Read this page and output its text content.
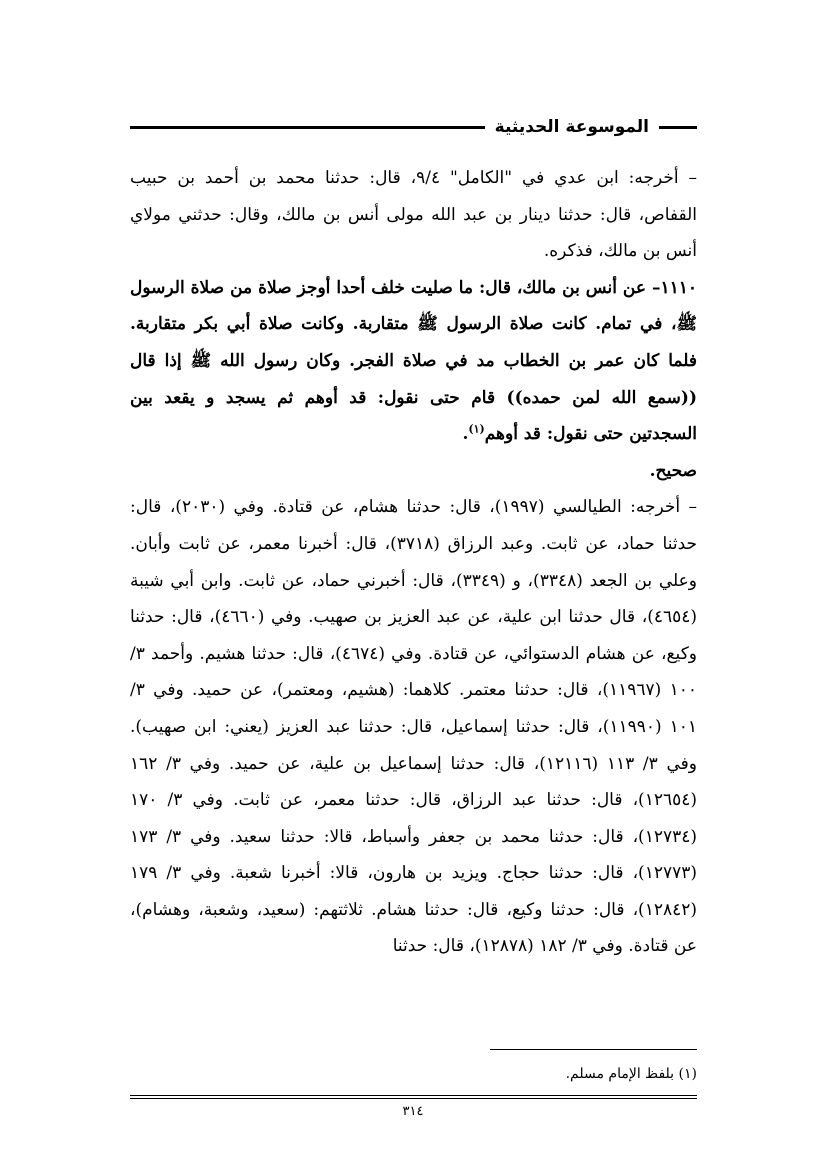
الموسوعة الحديثية

– أخرجه: ابن عدي في "الكامل" ٩/٤، قال: حدثنا محمد بن أحمد بن حبيب القفاص، قال: حدثنا دينار بن عبد الله مولى أنس بن مالك، وقال: حدثني مولاي أنس بن مالك، فذكره.

١١١٠– عن أنس بن مالك، قال: ما صليت خلف أحدا أوجز صلاة من صلاة الرسول ﷺ، في تمام. كانت صلاة الرسول ﷺ متقاربة. وكانت صلاة أبي بكر متقاربة. فلما كان عمر بن الخطاب مد في صلاة الفجر. وكان رسول الله ﷺ إذا قال ((سمع الله لمن حمده)) قام حتى نقول: قد أوهم ثم يسجد و يقعد بين السجدتين حتى نقول: قد أوهم$^{(١)}$.

صحيح.

– أخرجه: الطيالسي (١٩٩٧)، قال: حدثنا هشام، عن قتادة. وفي (٢٠٣٠)، قال: حدثنا حماد، عن ثابت. وعبد الرزاق (٣٧١٨)، قال: أخبرنا معمر، عن ثابت وأبان. وعلي بن الجعد (٣٣٤٨)، و (٣٣٤٩)، قال: أخبرني حماد، عن ثابت. وابن أبي شيبة (٤٦٥٤)، قال حدثنا ابن علية، عن عبد العزيز بن صهيب. وفي (٤٦٦٠)، قال: حدثنا وكيع، عن هشام الدستوائي، عن قتادة. وفي (٤٦٧٤)، قال: حدثنا هشيم. وأحمد ٣/ ١٠٠ (١١٩٦٧)، قال: حدثنا معتمر. كلاهما: (هشيم، ومعتمر)، عن حميد. وفي ٣/ ١٠١ (١١٩٩٠)، قال: حدثنا إسماعيل، قال: حدثنا عبد العزيز (يعني: ابن صهيب). وفي ٣/ ١١٣ (١٢١١٦)، قال: حدثنا إسماعيل بن علية، عن حميد. وفي ٣/ ١٦٢ (١٢٦٥٤)، قال: حدثنا عبد الرزاق، قال: حدثنا معمر، عن ثابت. وفي ٣/ ١٧٠ (١٢٧٣٤)، قال: حدثنا محمد بن جعفر وأسباط، قالا: حدثنا سعيد. وفي ٣/ ١٧٣ (١٢٧٧٣)، قال: حدثنا حجاج. ويزيد بن هارون، قالا: أخبرنا شعبة. وفي ٣/ ١٧٩ (١٢٨٤٢)، قال: حدثنا وكيع، قال: حدثنا هشام. ثلاثتهم: (سعيد، وشعبة، وهشام)، عن قتادة. وفي ٣/ ١٨٢ (١٢٨٧٨)، قال: حدثنا

(١) بلفظ الإمام مسلم.
٣١٤
